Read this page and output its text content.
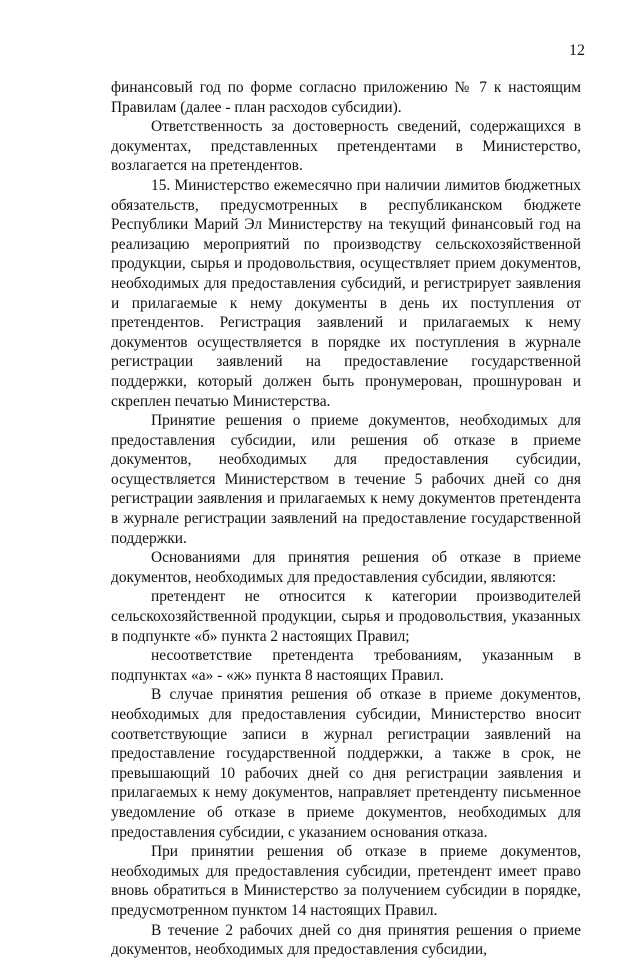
12

финансовый год по форме согласно приложению № 7 к настоящим Правилам (далее - план расходов субсидии).

Ответственность за достоверность сведений, содержащихся в документах, представленных претендентами в Министерство, возлагается на претендентов.

15. Министерство ежемесячно при наличии лимитов бюджетных обязательств, предусмотренных в республиканском бюджете Республики Марий Эл Министерству на текущий финансовый год на реализацию мероприятий по производству сельскохозяйственной продукции, сырья и продовольствия, осуществляет прием документов, необходимых для предоставления субсидий, и регистрирует заявления и прилагаемые к нему документы в день их поступления от претендентов. Регистрация заявлений и прилагаемых к нему документов осуществляется в порядке их поступления в журнале регистрации заявлений на предоставление государственной поддержки, который должен быть пронумерован, прошнурован и скреплен печатью Министерства.

Принятие решения о приеме документов, необходимых для предоставления субсидии, или решения об отказе в приеме документов, необходимых для предоставления субсидии, осуществляется Министерством в течение 5 рабочих дней со дня регистрации заявления и прилагаемых к нему документов претендента в журнале регистрации заявлений на предоставление государственной поддержки.

Основаниями для принятия решения об отказе в приеме документов, необходимых для предоставления субсидии, являются:

претендент не относится к категории производителей сельскохозяйственной продукции, сырья и продовольствия, указанных в подпункте «б» пункта 2 настоящих Правил;

несоответствие претендента требованиям, указанным в подпунктах «а» - «ж» пункта 8 настоящих Правил.

В случае принятия решения об отказе в приеме документов, необходимых для предоставления субсидии, Министерство вносит соответствующие записи в журнал регистрации заявлений на предоставление государственной поддержки, а также в срок, не превышающий 10 рабочих дней со дня регистрации заявления и прилагаемых к нему документов, направляет претенденту письменное уведомление об отказе в приеме документов, необходимых для предоставления субсидии, с указанием основания отказа.

При принятии решения об отказе в приеме документов, необходимых для предоставления субсидии, претендент имеет право вновь обратиться в Министерство за получением субсидии в порядке, предусмотренном пунктом 14 настоящих Правил.

В течение 2 рабочих дней со дня принятия решения о приеме документов, необходимых для предоставления субсидии,
